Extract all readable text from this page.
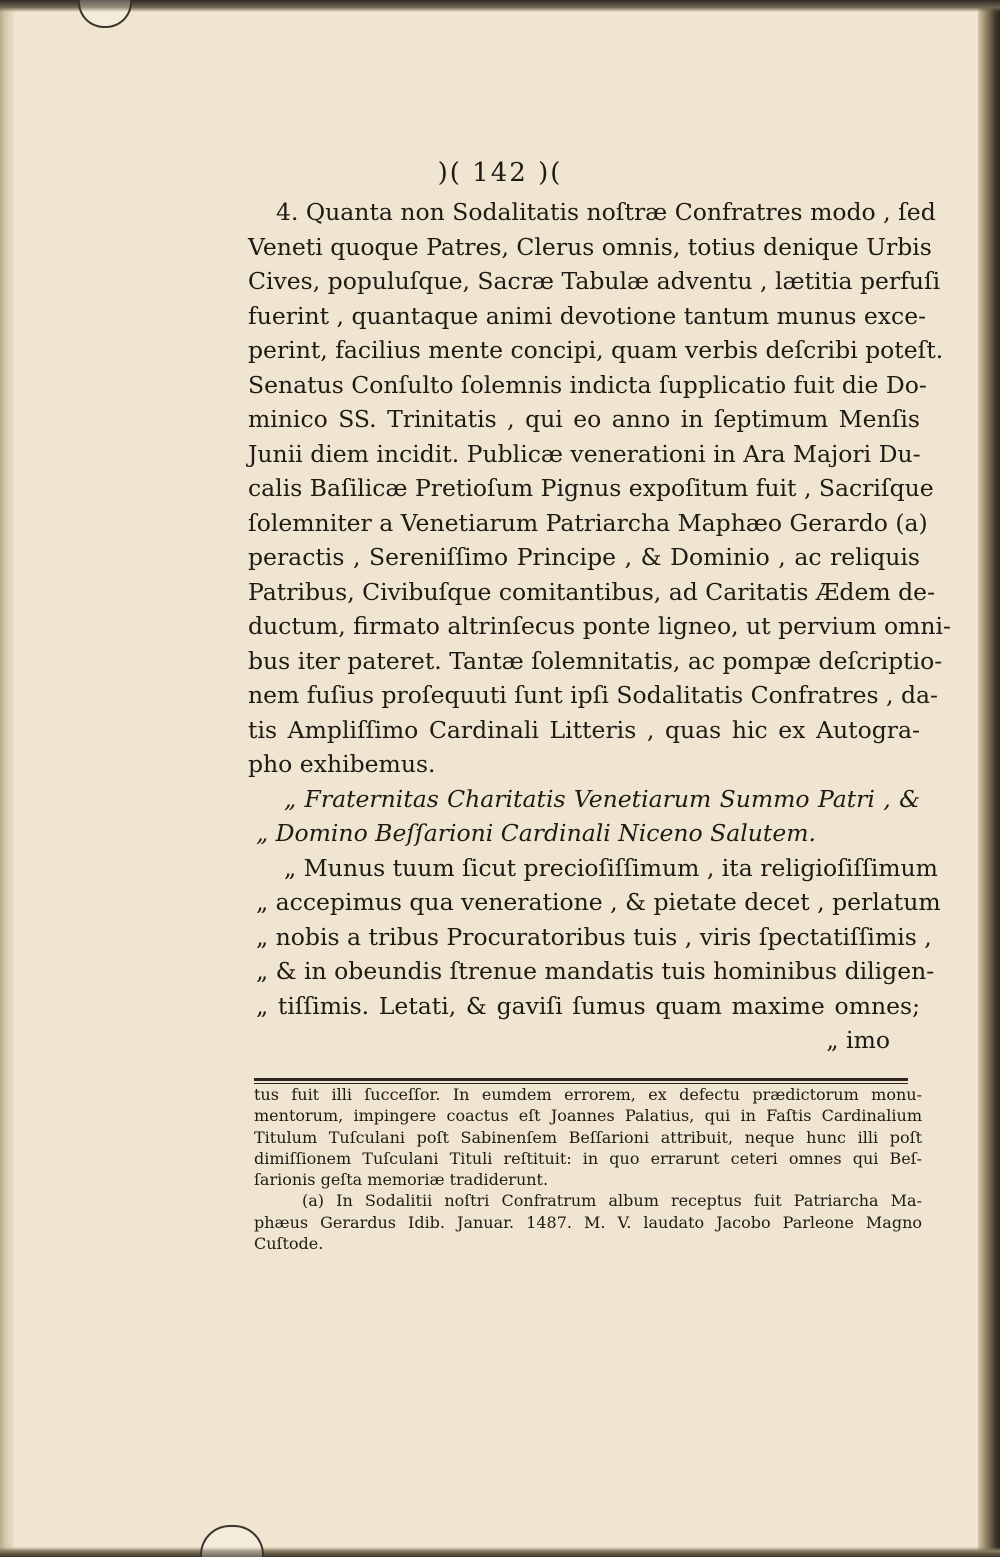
)( 142 )(
4. Quanta non Sodalitatis noſtræ Confratres modo , ſed
Veneti quoque Patres, Clerus omnis, totius denique Urbis
Cives, populuſque, Sacræ Tabulæ adventu , lætitia perfuſi
fuerint , quantaque animi devotione tantum munus exce-
perint, facilius mente concipi, quam verbis deſcribi poteſt.
Senatus Conſulto ſolemnis indicta ſupplicatio fuit die Do-
minico SS. Trinitatis , qui eo anno in ſeptimum Menſis
Junii diem incidit. Publicæ venerationi in Ara Majori Du-
calis Baſilicæ Pretioſum Pignus expoſitum fuit , Sacriſque
ſolemniter a Venetiarum Patriarcha Maphæo Gerardo (a)
peractis , Sereniſſimo Principe , & Dominio , ac reliquis
Patribus, Civibuſque comitantibus, ad Caritatis Ædem de-
ductum, firmato altrinſecus ponte ligneo, ut pervium omni-
bus iter pateret. Tantæ ſolemnitatis, ac pompæ deſcriptio-
nem fuſius proſequuti ſunt ipſi Sodalitatis Confratres , da-
tis Ampliſſimo Cardinali Litteris , quas hic ex Autogra-
pho exhibemus.
„ Fraternitas Charitatis Venetiarum Summo Patri , &
„ Domino Beſſarioni Cardinali Niceno Salutem.
„ Munus tuum ſicut precioſiſſimum , ita religioſiſſimum
„ accepimus qua veneratione , & pietate decet , perlatum
„ nobis a tribus Procuratoribus tuis , viris ſpectatiſſimis ,
„ & in obeundis ſtrenue mandatis tuis hominibus diligen-
„ tiſſimis. Letati, & gaviſi ſumus quam maxime omnes;
„ imo
tus fuit illi ſucceſſor. In eumdem errorem, ex defectu prædictorum monu-
mentorum, impingere coactus eſt Joannes Palatius, qui in Faſtis Cardinalium
Titulum Tuſculani poſt Sabinenſem Beſſarioni attribuit, neque hunc illi poſt
dimiſſionem Tuſculani Tituli reſtituit: in quo errarunt ceteri omnes qui Beſ-
ſarionis geſta memoriæ tradiderunt.
(a) In Sodalitii noſtri Confratrum album receptus fuit Patriarcha Ma-
phæus Gerardus Idib. Januar. 1487. M. V. laudato Jacobo Parleone Magno
Cuſtode.
